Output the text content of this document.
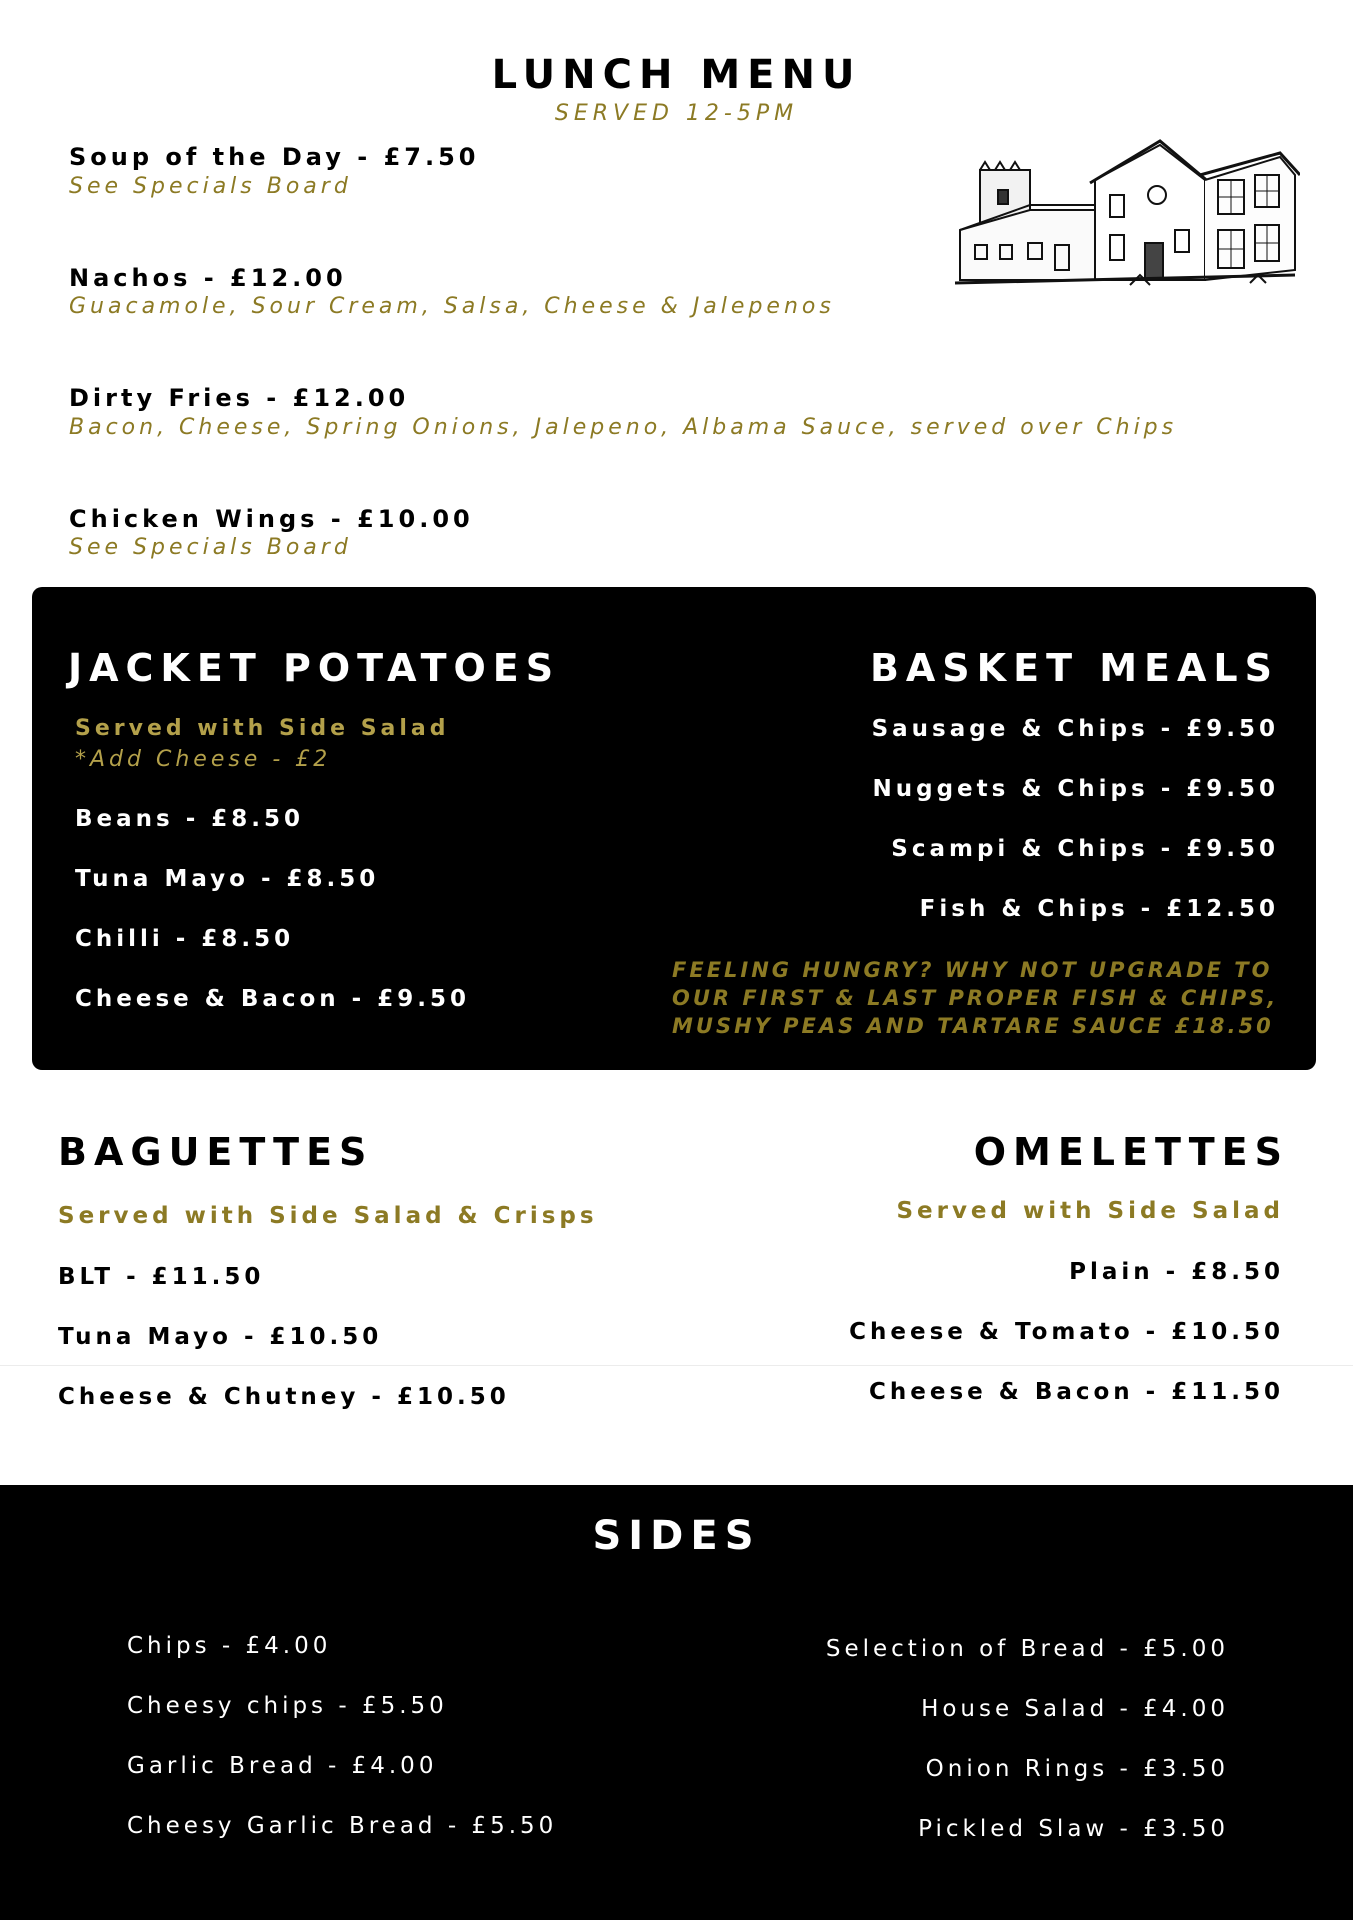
LUNCH MENU
SERVED 12-5PM
Soup of the Day - £7.50
See Specials Board
Nachos - £12.00
Guacamole, Sour Cream, Salsa, Cheese & Jalepenos
Dirty Fries - £12.00
Bacon, Cheese, Spring Onions, Jalepeno, Albama Sauce, served over Chips
Chicken Wings - £10.00
See Specials Board
JACKET POTATOES
Served with Side Salad
*Add Cheese - £2
Beans - £8.50
Tuna Mayo - £8.50
Chilli - £8.50
Cheese & Bacon - £9.50
BASKET MEALS
Sausage & Chips - £9.50
Nuggets & Chips - £9.50
Scampi & Chips - £9.50
Fish & Chips - £12.50
FEELING HUNGRY? WHY NOT UPGRADE TO
OUR FIRST & LAST PROPER FISH & CHIPS,
MUSHY PEAS AND TARTARE SAUCE £18.50
BAGUETTES
Served with Side Salad & Crisps
BLT - £11.50
Tuna Mayo - £10.50
Cheese & Chutney - £10.50
OMELETTES
Served with Side Salad
Plain - £8.50
Cheese & Tomato - £10.50
Cheese & Bacon - £11.50
SIDES
Chips - £4.00
Cheesy chips - £5.50
Garlic Bread - £4.00
Cheesy Garlic Bread - £5.50
Selection of Bread - £5.00
House Salad - £4.00
Onion Rings - £3.50
Pickled Slaw - £3.50
